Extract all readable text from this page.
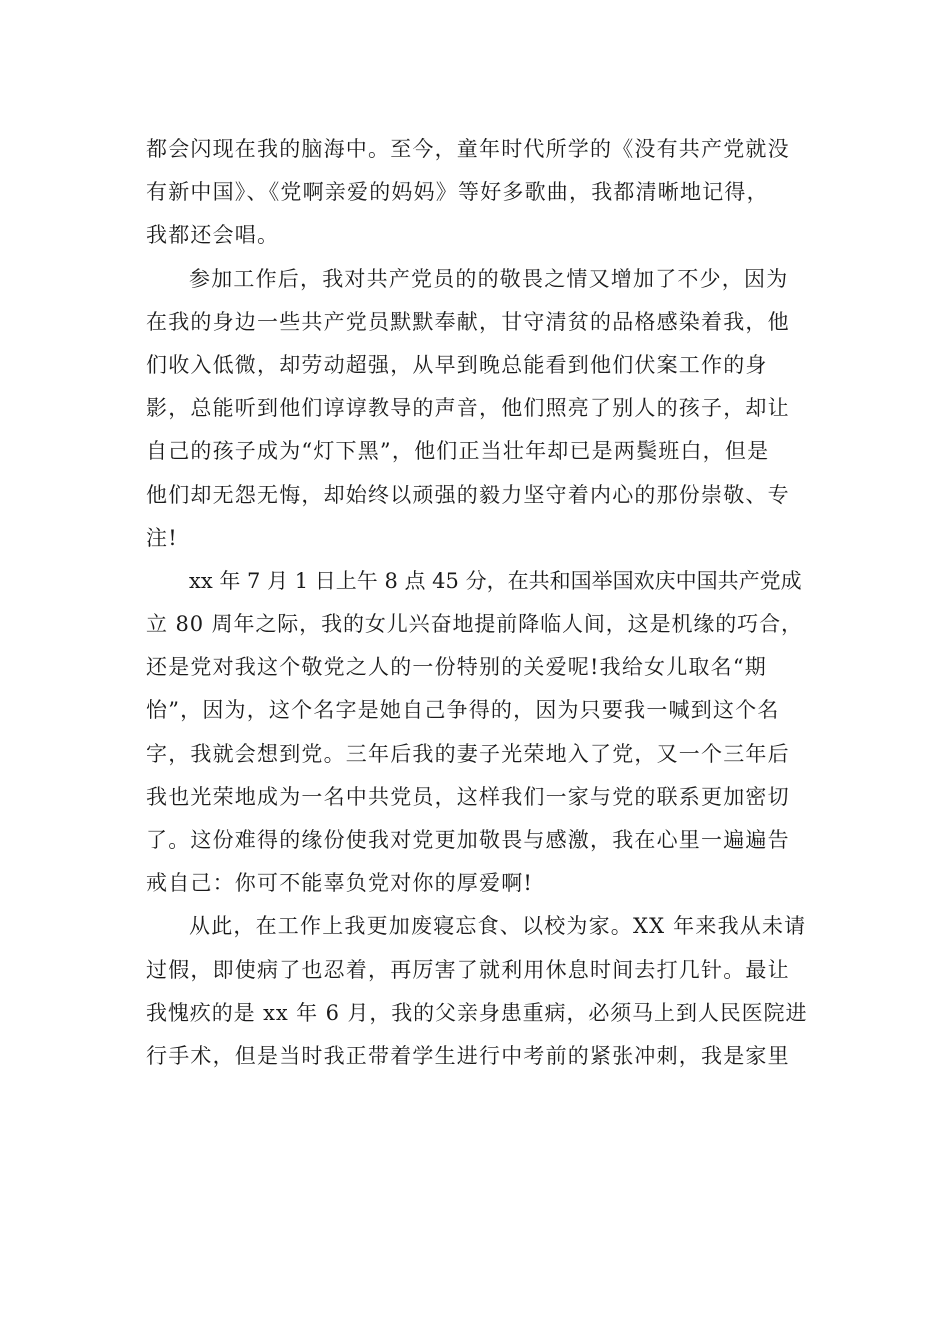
都会闪现在我的脑海中。至今，童年时代所学的《没有共产党就没
有新中国》、《党啊亲爱的妈妈》等好多歌曲，我都清晰地记得，
我都还会唱。
参加工作后，我对共产党员的的敬畏之情又增加了不少，因为
在我的身边一些共产党员默默奉献，甘守清贫的品格感染着我，他
们收入低微，却劳动超强，从早到晚总能看到他们伏案工作的身
影，总能听到他们谆谆教导的声音，他们照亮了别人的孩子，却让
自己的孩子成为“灯下黑”，他们正当壮年却已是两鬓班白，但是
他们却无怨无悔，却始终以顽强的毅力坚守着内心的那份崇敬、专
注!
xx 年 7 月 1 日上午 8 点 45 分，在共和国举国欢庆中国共产党成
立 80 周年之际，我的女儿兴奋地提前降临人间，这是机缘的巧合，
还是党对我这个敬党之人的一份特别的关爱呢!我给女儿取名“期
怡”，因为，这个名字是她自己争得的，因为只要我一喊到这个名
字，我就会想到党。三年后我的妻子光荣地入了党，又一个三年后
我也光荣地成为一名中共党员，这样我们一家与党的联系更加密切
了。这份难得的缘份使我对党更加敬畏与感激，我在心里一遍遍告
戒自己：你可不能辜负党对你的厚爱啊!
从此，在工作上我更加废寝忘食、以校为家。XX 年来我从未请
过假，即使病了也忍着，再厉害了就利用休息时间去打几针。最让
我愧疚的是 xx 年 6 月，我的父亲身患重病，必须马上到人民医院进
行手术，但是当时我正带着学生进行中考前的紧张冲刺，我是家里
